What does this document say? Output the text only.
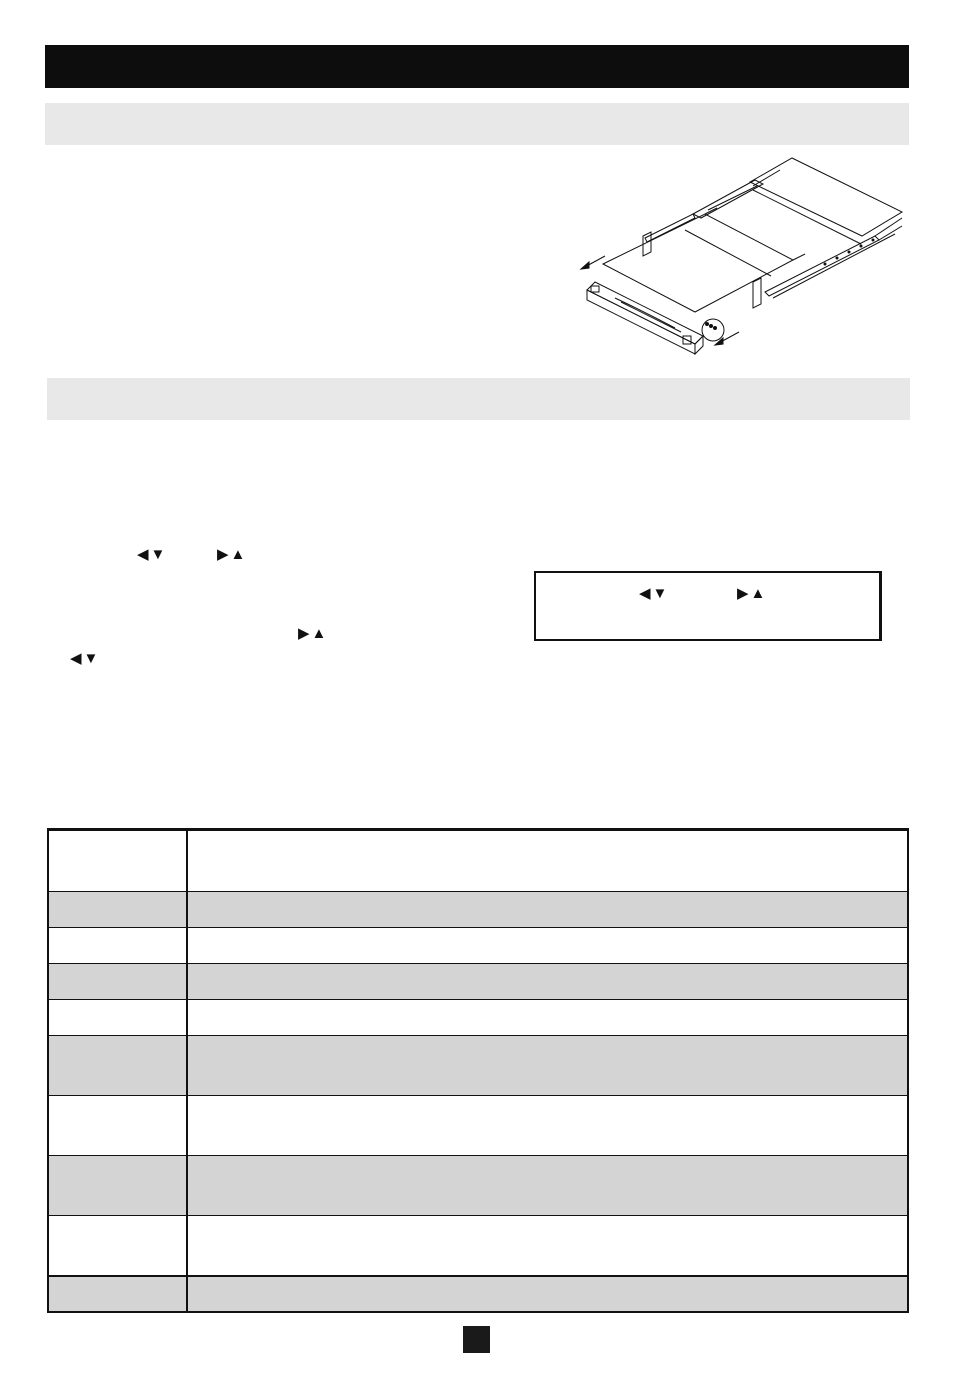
◀▼	▶▲
▶▲
◀▼
◀▼	▶▲
